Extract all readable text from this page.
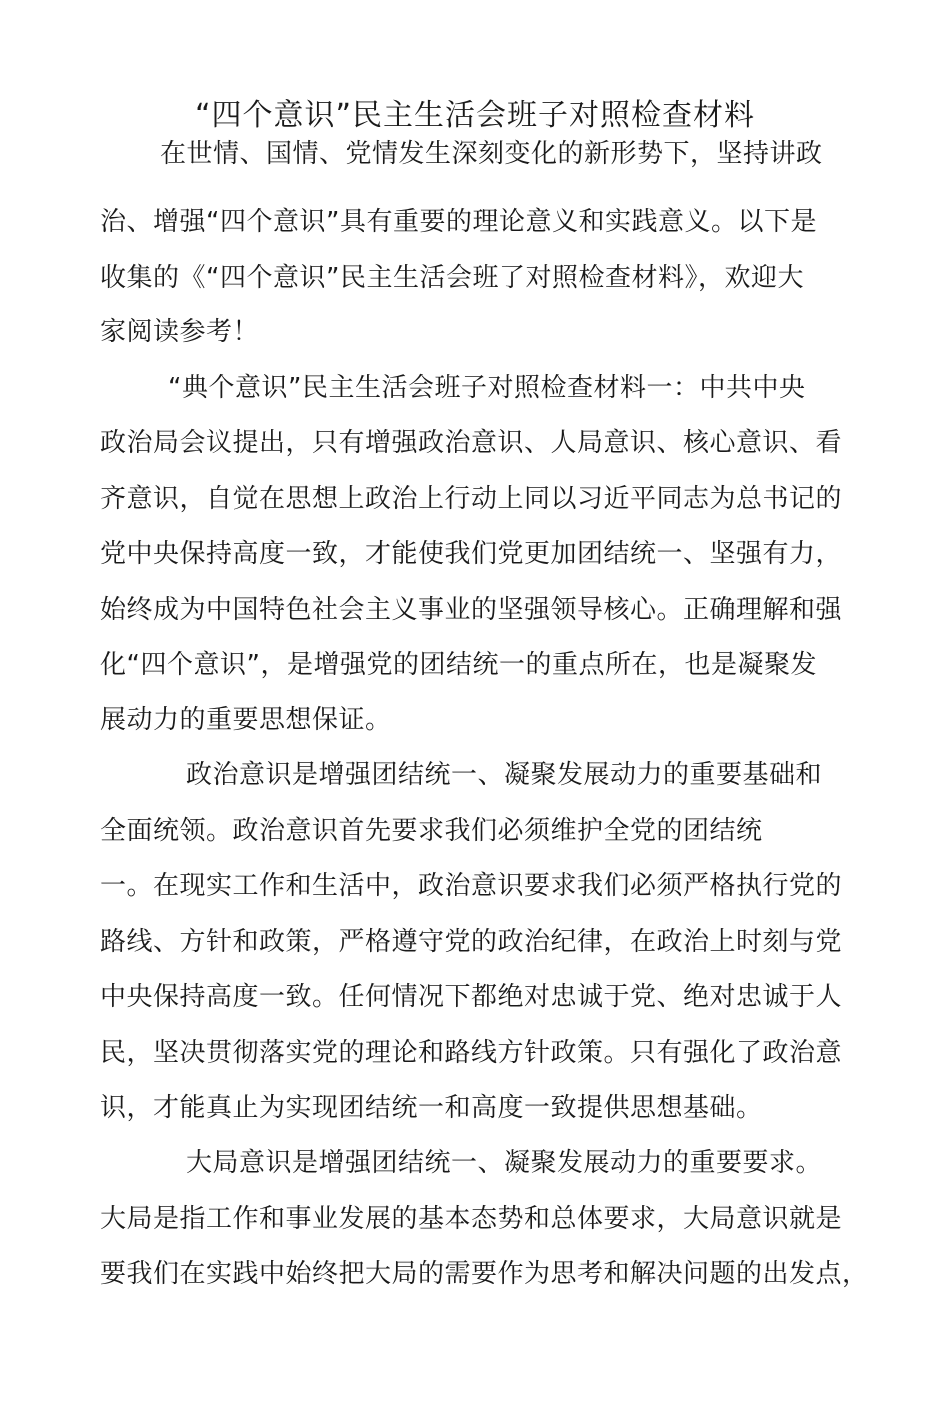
“四个意识”民主生活会班子对照检查材料

在世情、国情、党情发生深刻变化的新形势下，坚持讲政

治、增强“四个意识”具有重要的理论意义和实践意义。以下是

收集的《“四个意识”民主生活会班了对照检查材料》，欢迎大

家阅读参考！

“典个意识”民主生活会班子对照检查材料一：中共中央

政治局会议提出，只有增强政治意识、人局意识、核心意识、看

齐意识，自觉在思想上政治上行动上同以习近平同志为总书记的

党中央保持高度一致，才能使我们党更加团结统一、坚强有力，

始终成为中国特色社会主义事业的坚强领导核心。正确理解和强

化“四个意识”，是增强党的团结统一的重点所在，也是凝聚发

展动力的重要思想保证。

政治意识是增强团结统一、凝聚发展动力的重要基础和

全面统领。政治意识首先要求我们必须维护全党的团结统

一。在现实工作和生活中，政治意识要求我们必须严格执行党的

路线、方针和政策，严格遵守党的政治纪律，在政治上时刻与党

中央保持高度一致。任何情况下都绝对忠诚于党、绝对忠诚于人

民，坚决贯彻落实党的理论和路线方针政策。只有强化了政治意

识，才能真止为实现团结统一和高度一致提供思想基础。

大局意识是增强团结统一、凝聚发展动力的重要要求。

大局是指工作和事业发展的基本态势和总体要求，大局意识就是

要我们在实践中始终把大局的需要作为思考和解决问题的出发点，
